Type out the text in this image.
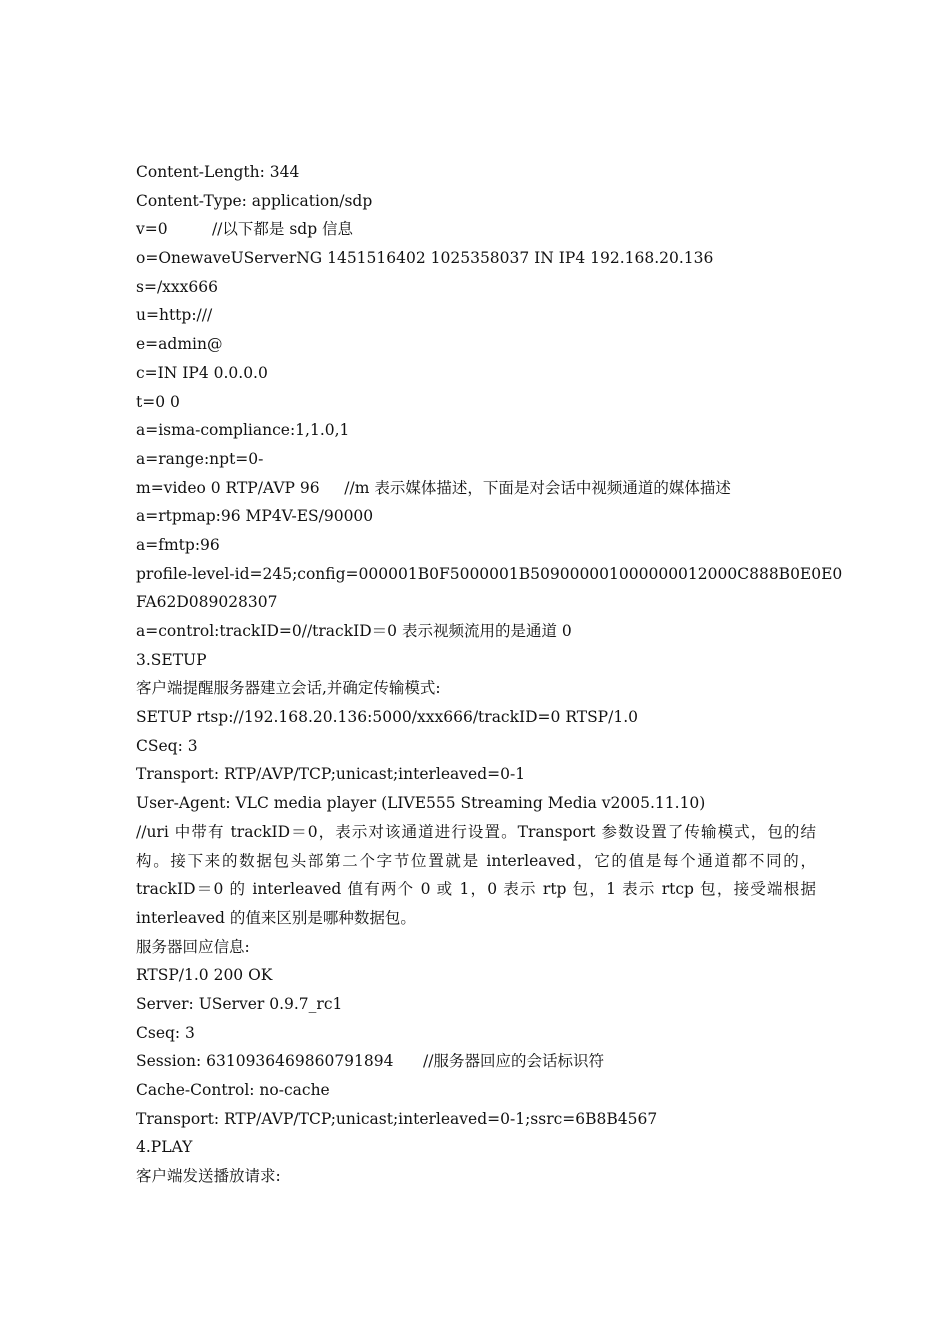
Content-Length: 344
Content-Type: application/sdp
v=0         //以下都是 sdp 信息
o=OnewaveUServerNG 1451516402 1025358037 IN IP4 192.168.20.136
s=/xxx666
u=http:///
e=admin@
c=IN IP4 0.0.0.0
t=0 0
a=isma-compliance:1,1.0,1
a=range:npt=0-
m=video 0 RTP/AVP 96     //m 表示媒体描述，下面是对会话中视频通道的媒体描述
a=rtpmap:96 MP4V-ES/90000
a=fmtp:96
profile-level-id=245;config=000001B0F5000001B509000001000000012000C888B0E0E0
FA62D089028307
a=control:trackID=0//trackID＝0 表示视频流用的是通道 0
3.SETUP
客户端提醒服务器建立会话,并确定传输模式:
SETUP rtsp://192.168.20.136:5000/xxx666/trackID=0 RTSP/1.0
CSeq: 3
Transport: RTP/AVP/TCP;unicast;interleaved=0-1
User-Agent: VLC media player (LIVE555 Streaming Media v2005.11.10)
//uri 中带有 trackID＝0，表示对该通道进行设置。Transport 参数设置了传输模式，包的结
构。接下来的数据包头部第二个字节位置就是 interleaved，它的值是每个通道都不同的，
trackID＝0 的 interleaved 值有两个 0 或 1，0 表示 rtp 包，1 表示 rtcp 包，接受端根据
interleaved 的值来区别是哪种数据包。
服务器回应信息:
RTSP/1.0 200 OK
Server: UServer 0.9.7_rc1
Cseq: 3
Session: 6310936469860791894      //服务器回应的会话标识符
Cache-Control: no-cache
Transport: RTP/AVP/TCP;unicast;interleaved=0-1;ssrc=6B8B4567
4.PLAY
客户端发送播放请求:
